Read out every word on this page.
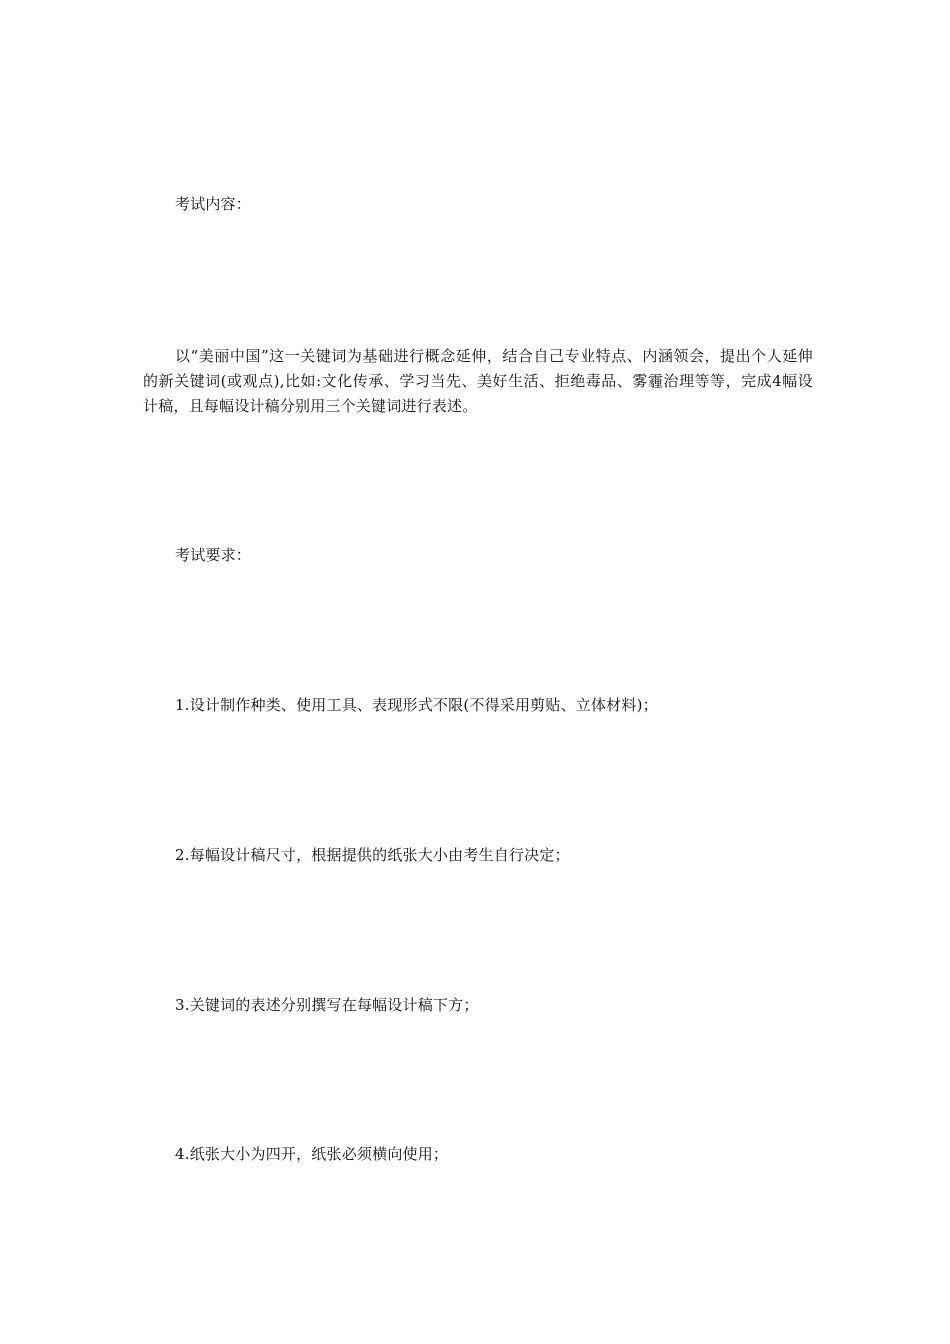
考试内容：

以“美丽中国”这一关键词为基础进行概念延伸，结合自己专业特点、内涵领会，提出个人延伸的新关键词(或观点),比如:文化传承、学习当先、美好生活、拒绝毒品、雾霾治理等等，完成4幅设计稿，且每幅设计稿分别用三个关键词进行表述。

考试要求：

1.设计制作种类、使用工具、表现形式不限(不得采用剪贴、立体材料)；

2.每幅设计稿尺寸，根据提供的纸张大小由考生自行决定；

3.关键词的表述分别撰写在每幅设计稿下方；

4.纸张大小为四开，纸张必须横向使用；
